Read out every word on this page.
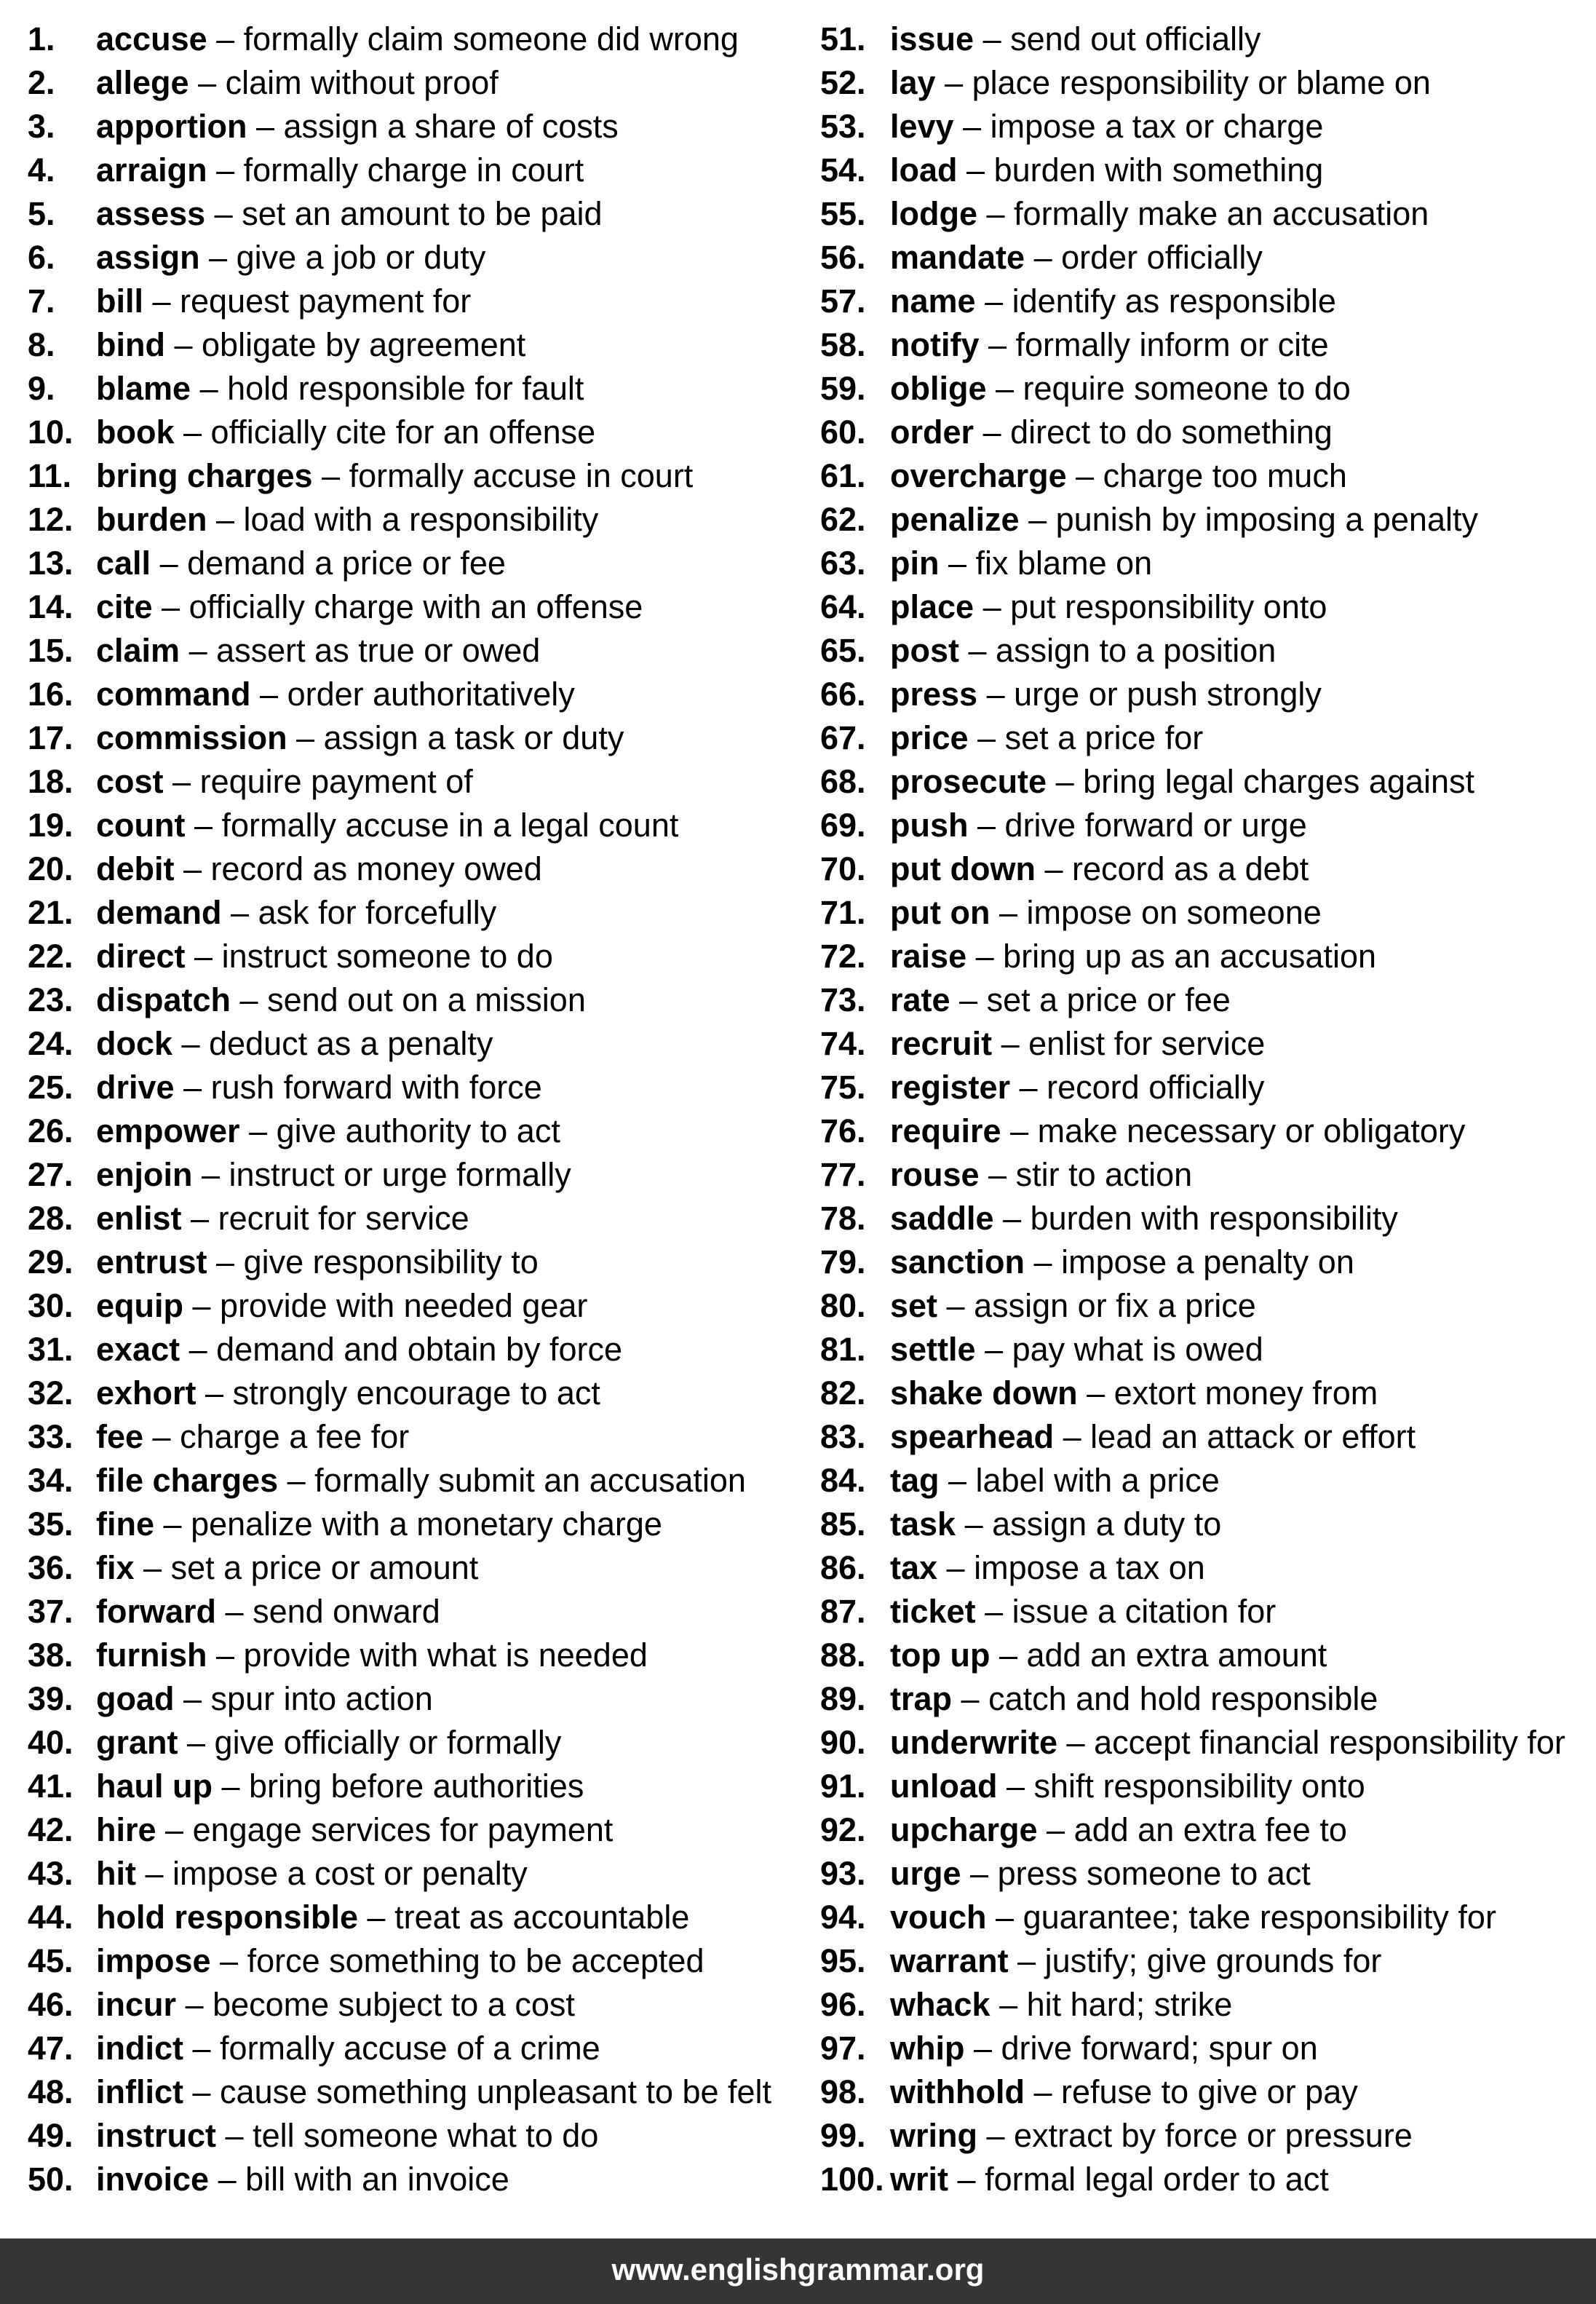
1. accuse – formally claim someone did wrong
2. allege – claim without proof
3. apportion – assign a share of costs
4. arraign – formally charge in court
5. assess – set an amount to be paid
6. assign – give a job or duty
7. bill – request payment for
8. bind – obligate by agreement
9. blame – hold responsible for fault
10. book – officially cite for an offense
11. bring charges – formally accuse in court
12. burden – load with a responsibility
13. call – demand a price or fee
14. cite – officially charge with an offense
15. claim – assert as true or owed
16. command – order authoritatively
17. commission – assign a task or duty
18. cost – require payment of
19. count – formally accuse in a legal count
20. debit – record as money owed
21. demand – ask for forcefully
22. direct – instruct someone to do
23. dispatch – send out on a mission
24. dock – deduct as a penalty
25. drive – rush forward with force
26. empower – give authority to act
27. enjoin – instruct or urge formally
28. enlist – recruit for service
29. entrust – give responsibility to
30. equip – provide with needed gear
31. exact – demand and obtain by force
32. exhort – strongly encourage to act
33. fee – charge a fee for
34. file charges – formally submit an accusation
35. fine – penalize with a monetary charge
36. fix – set a price or amount
37. forward – send onward
38. furnish – provide with what is needed
39. goad – spur into action
40. grant – give officially or formally
41. haul up – bring before authorities
42. hire – engage services for payment
43. hit – impose a cost or penalty
44. hold responsible – treat as accountable
45. impose – force something to be accepted
46. incur – become subject to a cost
47. indict – formally accuse of a crime
48. inflict – cause something unpleasant to be felt
49. instruct – tell someone what to do
50. invoice – bill with an invoice
51. issue – send out officially
52. lay – place responsibility or blame on
53. levy – impose a tax or charge
54. load – burden with something
55. lodge – formally make an accusation
56. mandate – order officially
57. name – identify as responsible
58. notify – formally inform or cite
59. oblige – require someone to do
60. order – direct to do something
61. overcharge – charge too much
62. penalize – punish by imposing a penalty
63. pin – fix blame on
64. place – put responsibility onto
65. post – assign to a position
66. press – urge or push strongly
67. price – set a price for
68. prosecute – bring legal charges against
69. push – drive forward or urge
70. put down – record as a debt
71. put on – impose on someone
72. raise – bring up as an accusation
73. rate – set a price or fee
74. recruit – enlist for service
75. register – record officially
76. require – make necessary or obligatory
77. rouse – stir to action
78. saddle – burden with responsibility
79. sanction – impose a penalty on
80. set – assign or fix a price
81. settle – pay what is owed
82. shake down – extort money from
83. spearhead – lead an attack or effort
84. tag – label with a price
85. task – assign a duty to
86. tax – impose a tax on
87. ticket – issue a citation for
88. top up – add an extra amount
89. trap – catch and hold responsible
90. underwrite – accept financial responsibility for
91. unload – shift responsibility onto
92. upcharge – add an extra fee to
93. urge – press someone to act
94. vouch – guarantee; take responsibility for
95. warrant – justify; give grounds for
96. whack – hit hard; strike
97. whip – drive forward; spur on
98. withhold – refuse to give or pay
99. wring – extract by force or pressure
100. writ – formal legal order to act
www.englishgrammar.org
